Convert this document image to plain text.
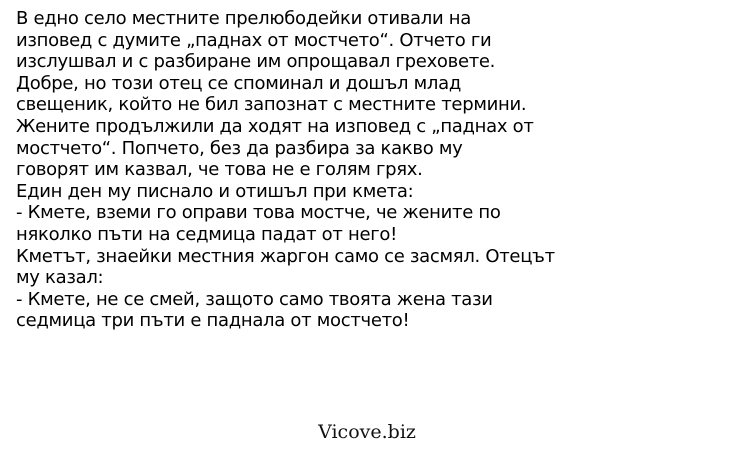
В едно село местните прелюбодейки отивали на
изповед с думите „паднах от мостчето“. Отчето ги
изслушвал и с разбиране им опрощавал греховете.
Добре, но този отец се споминал и дошъл млад
свещеник, който не бил запознат с местните термини.
Жените продължили да ходят на изповед с „паднах от
мостчето“. Попчето, без да разбира за какво му
говорят им казвал, че това не е голям грях.
Един ден му писнало и отишъл при кмета:
- Кмете, вземи го оправи това мостче, че жените по
няколко пъти на седмица падат от него!
Кметът, знаейки местния жаргон само се засмял. Отецът
му казал:
- Кмете, не се смей, защото само твоята жена тази
седмица три пъти е паднала от мостчето!
Vicove.biz
